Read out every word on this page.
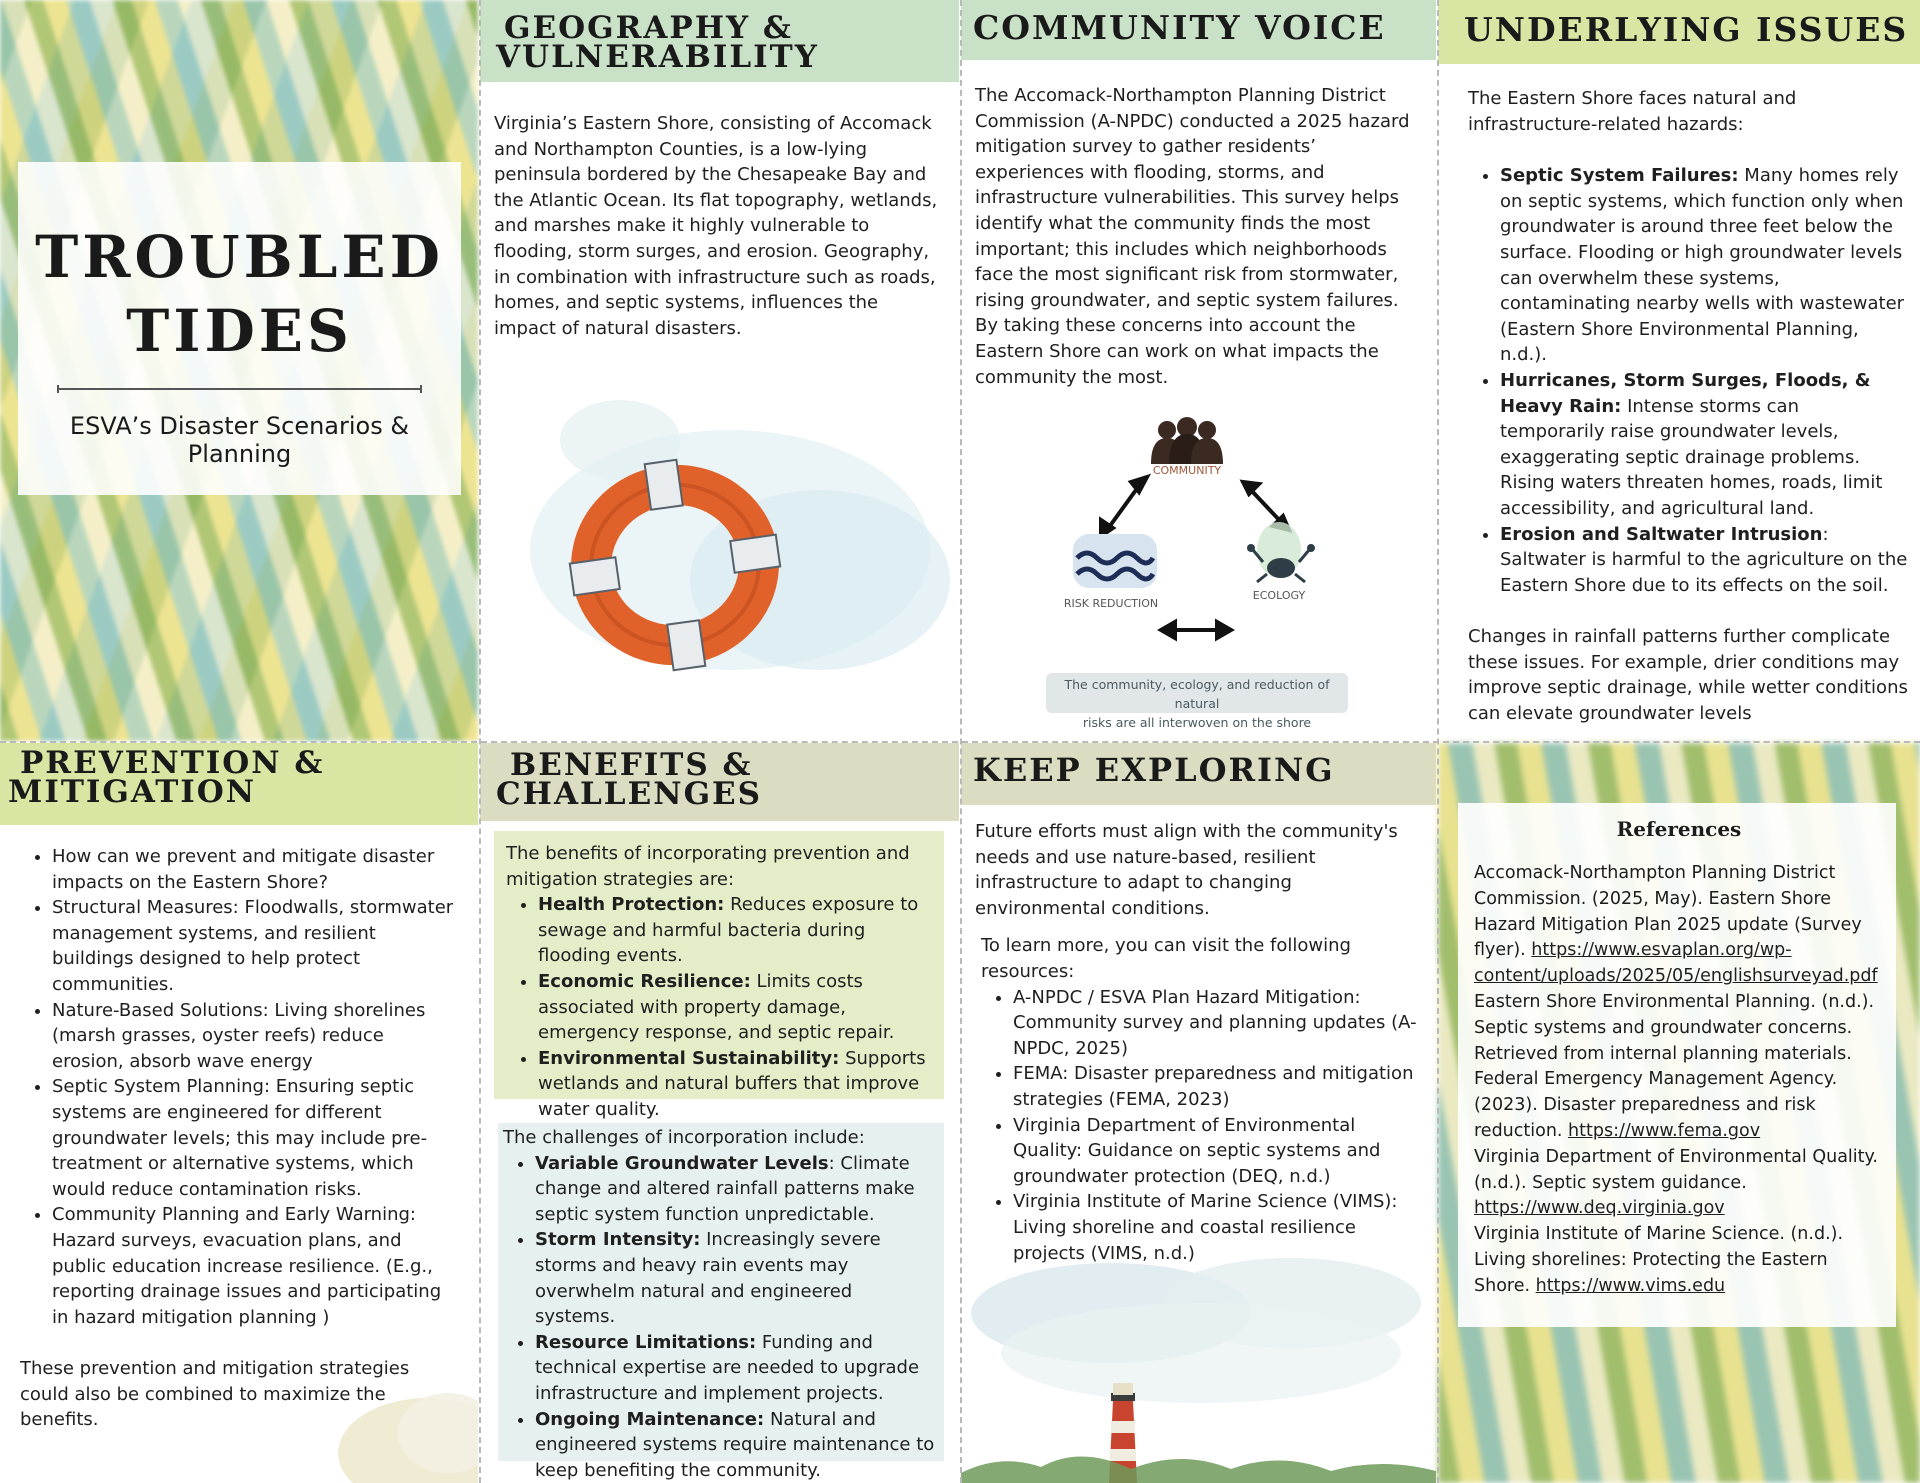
TROUBLED
TIDES
ESVA’s Disaster Scenarios & Planning
GEOGRAPHY &
VULNERABILITY
Virginia’s Eastern Shore, consisting of Accomack and Northampton Counties, is a low-lying peninsula bordered by the Chesapeake Bay and the Atlantic Ocean. Its flat topography, wetlands, and marshes make it highly vulnerable to flooding, storm surges, and erosion. Geography, in combination with infrastructure such as roads, homes, and septic systems, influences the impact of natural disasters.
COMMUNITY VOICE
The Accomack-Northampton Planning District Commission (A-NPDC) conducted a 2025 hazard mitigation survey to gather residents’ experiences with flooding, storms, and infrastructure vulnerabilities. This survey helps identify what the community finds the most important; this includes which neighborhoods face the most significant risk from stormwater, rising groundwater, and septic system failures. By taking these concerns into account the Eastern Shore can work on what impacts the community the most.
COMMUNITY
RISK REDUCTION
ECOLOGY
The community, ecology, and reduction of natural
risks are all interwoven on the shore
UNDERLYING ISSUES

The Eastern Shore faces natural and infrastructure-related hazards:

• Septic System Failures: Many homes rely on septic systems, which function only when groundwater is around three feet below the surface. Flooding or high groundwater levels can overwhelm these systems, contaminating nearby wells with wastewater (Eastern Shore Environmental Planning, n.d.).
• Hurricanes, Storm Surges, Floods, & Heavy Rain: Intense storms can temporarily raise groundwater levels, exaggerating septic drainage problems. Rising waters threaten homes, roads, limit accessibility, and agricultural land.
• Erosion and Saltwater Intrusion: Saltwater is harmful to the agriculture on the Eastern Shore due to its effects on the soil.

Changes in rainfall patterns further complicate these issues. For example, drier conditions may improve septic drainage, while wetter conditions can elevate groundwater levels

PREVENTION &
MITIGATION
• How can we prevent and mitigate disaster impacts on the Eastern Shore?
• Structural Measures: Floodwalls, stormwater management systems, and resilient buildings designed to help protect communities.
• Nature-Based Solutions: Living shorelines (marsh grasses, oyster reefs) reduce erosion, absorb wave energy
• Septic System Planning: Ensuring septic systems are engineered for different groundwater levels; this may include pre-treatment or alternative systems, which would reduce contamination risks.
• Community Planning and Early Warning: Hazard surveys, evacuation plans, and public education increase resilience. (E.g., reporting drainage issues and participating in hazard mitigation planning )

These prevention and mitigation strategies could also be combined to maximize the benefits.

BENEFITS &
CHALLENGES

The benefits of incorporating prevention and mitigation strategies are:

• Health Protection: Reduces exposure to sewage and harmful bacteria during flooding events.
• Economic Resilience: Limits costs associated with property damage, emergency response, and septic repair.
• Environmental Sustainability: Supports wetlands and natural buffers that improve water quality.

The challenges of incorporation include:

• Variable Groundwater Levels: Climate change and altered rainfall patterns make septic system function unpredictable.
• Storm Intensity: Increasingly severe storms and heavy rain events may overwhelm natural and engineered systems.
• Resource Limitations: Funding and technical expertise are needed to upgrade infrastructure and implement projects.
• Ongoing Maintenance: Natural and engineered systems require maintenance to keep benefiting the community.
KEEP EXPLORING

Future efforts must align with the community's needs and use nature-based, resilient infrastructure to adapt to changing environmental conditions.

To learn more, you can visit the following resources:

• A-NPDC / ESVA Plan Hazard Mitigation: Community survey and planning updates (A-NPDC, 2025)
• FEMA: Disaster preparedness and mitigation strategies (FEMA, 2023)
• Virginia Department of Environmental Quality: Guidance on septic systems and groundwater protection (DEQ, n.d.)
• Virginia Institute of Marine Science (VIMS): Living shoreline and coastal resilience projects (VIMS, n.d.)
References
Accomack-Northampton Planning District Commission. (2025, May). Eastern Shore Hazard Mitigation Plan 2025 update (Survey flyer). https://www.esvaplan.org/wp-content/uploads/2025/05/englishsurveyad.pdf
Eastern Shore Environmental Planning. (n.d.). Septic systems and groundwater concerns. Retrieved from internal planning materials.
Federal Emergency Management Agency. (2023). Disaster preparedness and risk reduction. https://www.fema.gov
Virginia Department of Environmental Quality. (n.d.). Septic system guidance. https://www.deq.virginia.gov
Virginia Institute of Marine Science. (n.d.). Living shorelines: Protecting the Eastern Shore. https://www.vims.edu
